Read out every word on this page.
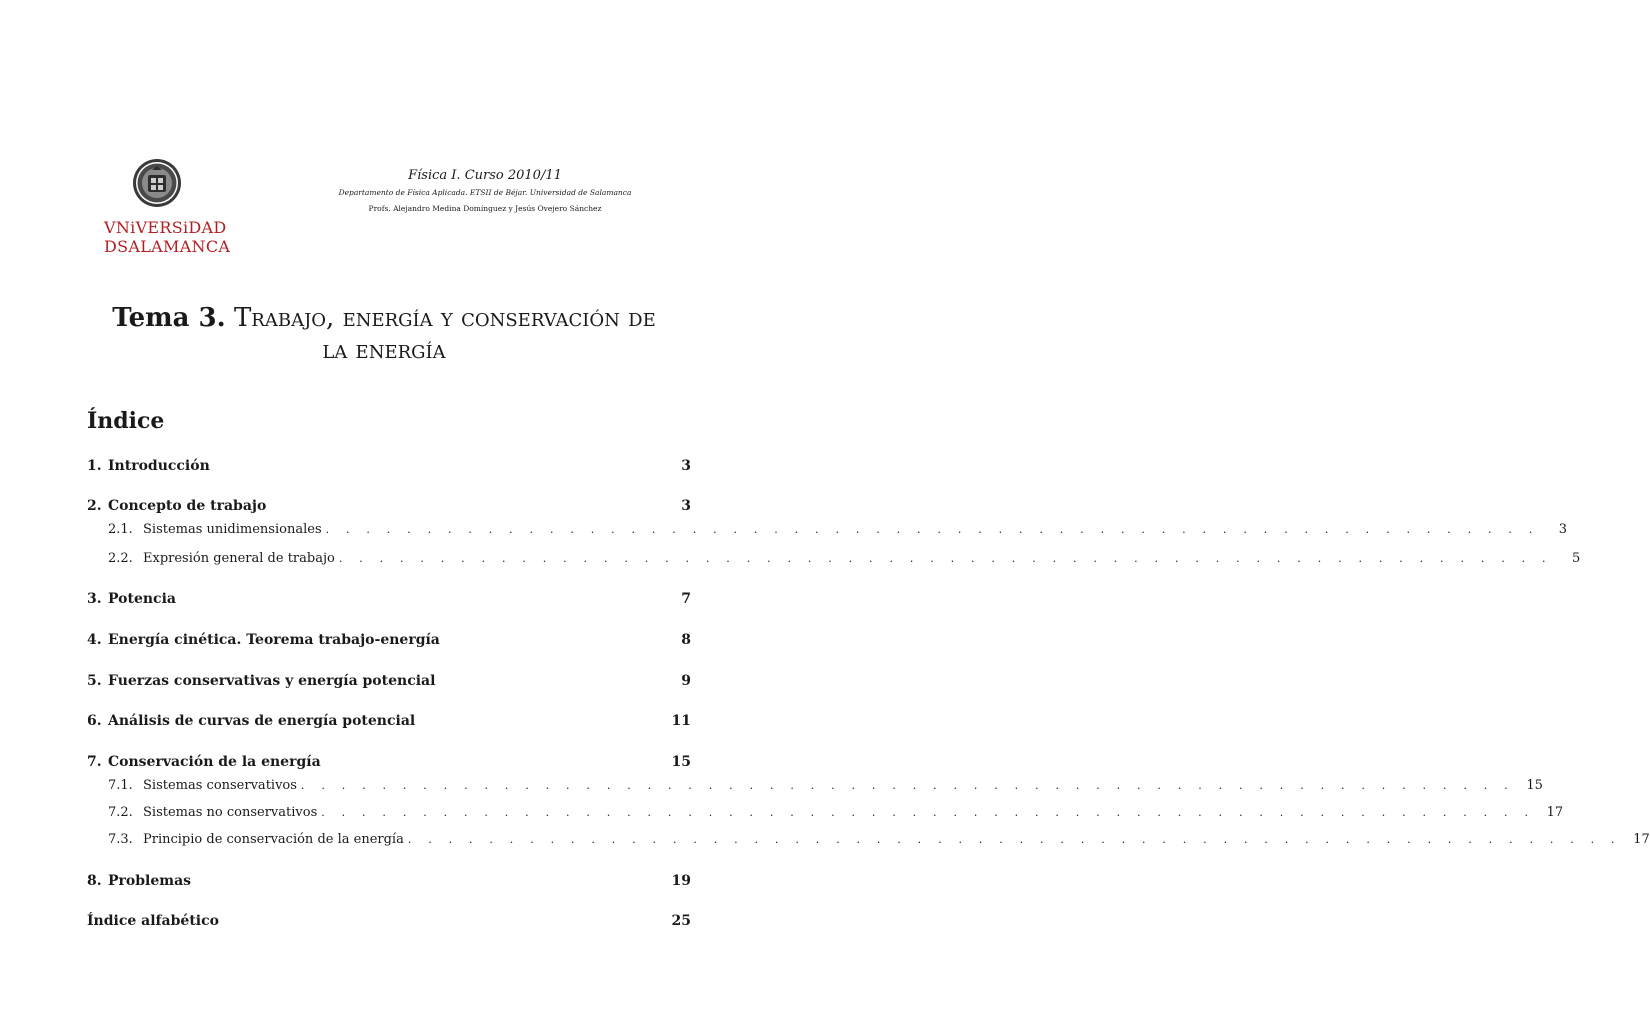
VNiVERSiDAD
DSALAMANCA
Física I. Curso 2010/11
Departamento de Física Aplicada. ETSII de Béjar. Universidad de Salamanca
Profs. Alejandro Medina Domínguez y Jesús Ovejero Sánchez
Tema 3. Trabajo, energía y conservación de
la energía
Índice
1. Introducción	3
2. Concepto de trabajo	3
2.1. Sistemas unidimensionales . . . . . . . . . . . . . . . . . . . . . . . . . . . . . . . . . . . . . . . . . . . . . . . . . . . . . . . . . . . .	3
2.2. Expresión general de trabajo . . . . . . . . . . . . . . . . . . . . . . . . . . . . . . . . . . . . . . . . . . . . . . . . . . . . . . . . . . . .	5
3. Potencia	7
4. Energía cinética. Teorema trabajo-energía	8
5. Fuerzas conservativas y energía potencial	9
6. Análisis de curvas de energía potencial	11
7. Conservación de la energía	15
7.1. Sistemas conservativos . . . . . . . . . . . . . . . . . . . . . . . . . . . . . . . . . . . . . . . . . . . . . . . . . . . . . . . . . . . . 15
7.2. Sistemas no conservativos . . . . . . . . . . . . . . . . . . . . . . . . . . . . . . . . . . . . . . . . . . . . . . . . . . . . . . . . . . . . 17
7.3. Principio de conservación de la energía . . . . . . . . . . . . . . . . . . . . . . . . . . . . . . . . . . . . . . . . . . . . . . . . . . . . . . . . . . . . 17
8. Problemas	19
Índice alfabético	25
